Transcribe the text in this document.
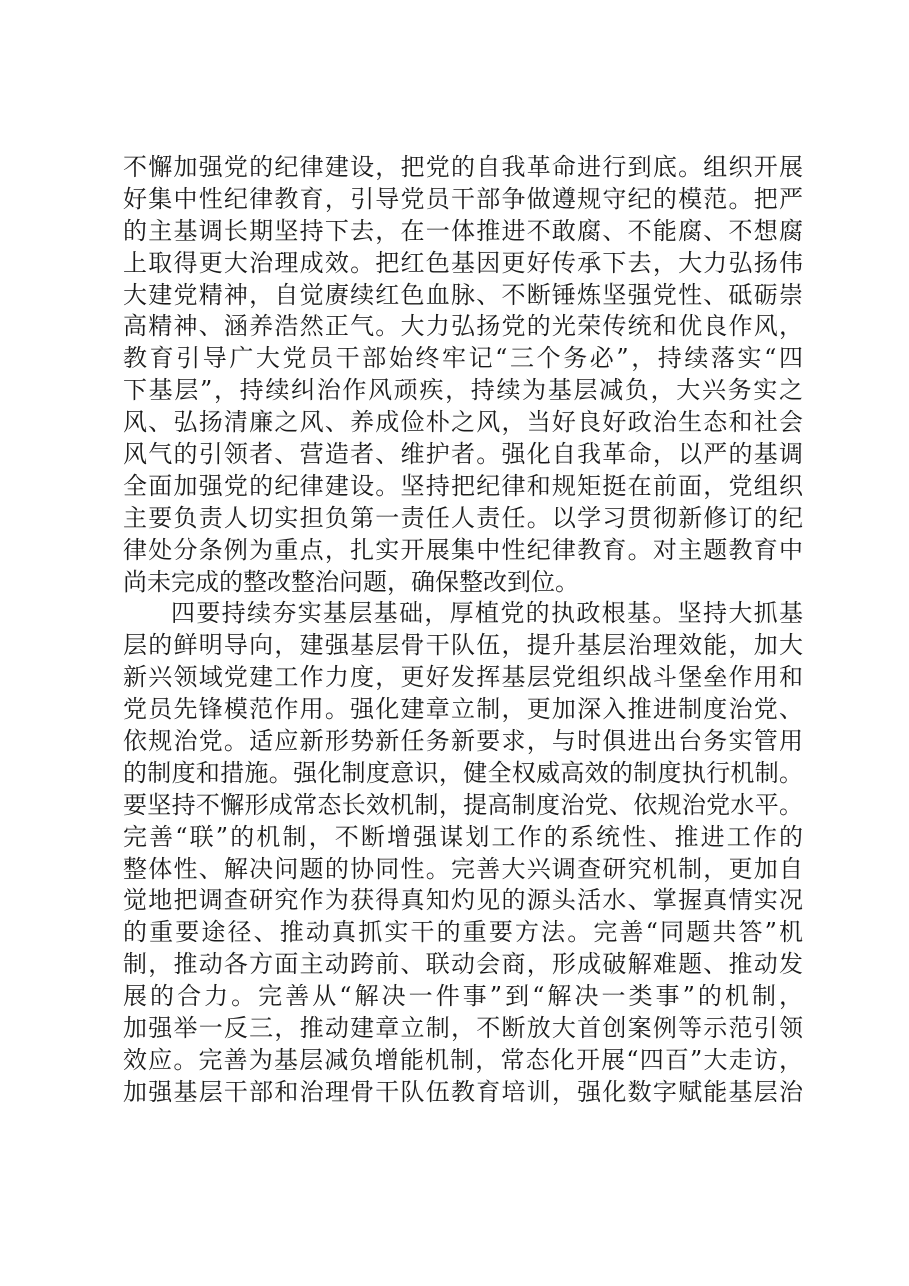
不懈加强党的纪律建设，把党的自我革命进行到底。组织开展
好集中性纪律教育，引导党员干部争做遵规守纪的模范。把严
的主基调长期坚持下去，在一体推进不敢腐、不能腐、不想腐
上取得更大治理成效。把红色基因更好传承下去，大力弘扬伟
大建党精神，自觉赓续红色血脉、不断锤炼坚强党性、砥砺崇
高精神、涵养浩然正气。大力弘扬党的光荣传统和优良作风，
教育引导广大党员干部始终牢记“三个务必”，持续落实“四
下基层”，持续纠治作风顽疾，持续为基层减负，大兴务实之
风、弘扬清廉之风、养成俭朴之风，当好良好政治生态和社会
风气的引领者、营造者、维护者。强化自我革命，以严的基调
全面加强党的纪律建设。坚持把纪律和规矩挺在前面，党组织
主要负责人切实担负第一责任人责任。以学习贯彻新修订的纪
律处分条例为重点，扎实开展集中性纪律教育。对主题教育中
尚未完成的整改整治问题，确保整改到位。
四要持续夯实基层基础，厚植党的执政根基。坚持大抓基
层的鲜明导向，建强基层骨干队伍，提升基层治理效能，加大
新兴领域党建工作力度，更好发挥基层党组织战斗堡垒作用和
党员先锋模范作用。强化建章立制，更加深入推进制度治党、
依规治党。适应新形势新任务新要求，与时俱进出台务实管用
的制度和措施。强化制度意识，健全权威高效的制度执行机制。
要坚持不懈形成常态长效机制，提高制度治党、依规治党水平。
完善“联”的机制，不断增强谋划工作的系统性、推进工作的
整体性、解决问题的协同性。完善大兴调查研究机制，更加自
觉地把调查研究作为获得真知灼见的源头活水、掌握真情实况
的重要途径、推动真抓实干的重要方法。完善“同题共答”机
制，推动各方面主动跨前、联动会商，形成破解难题、推动发
展的合力。完善从“解决一件事”到“解决一类事”的机制，
加强举一反三，推动建章立制，不断放大首创案例等示范引领
效应。完善为基层减负增能机制，常态化开展“四百”大走访，
加强基层干部和治理骨干队伍教育培训，强化数字赋能基层治
